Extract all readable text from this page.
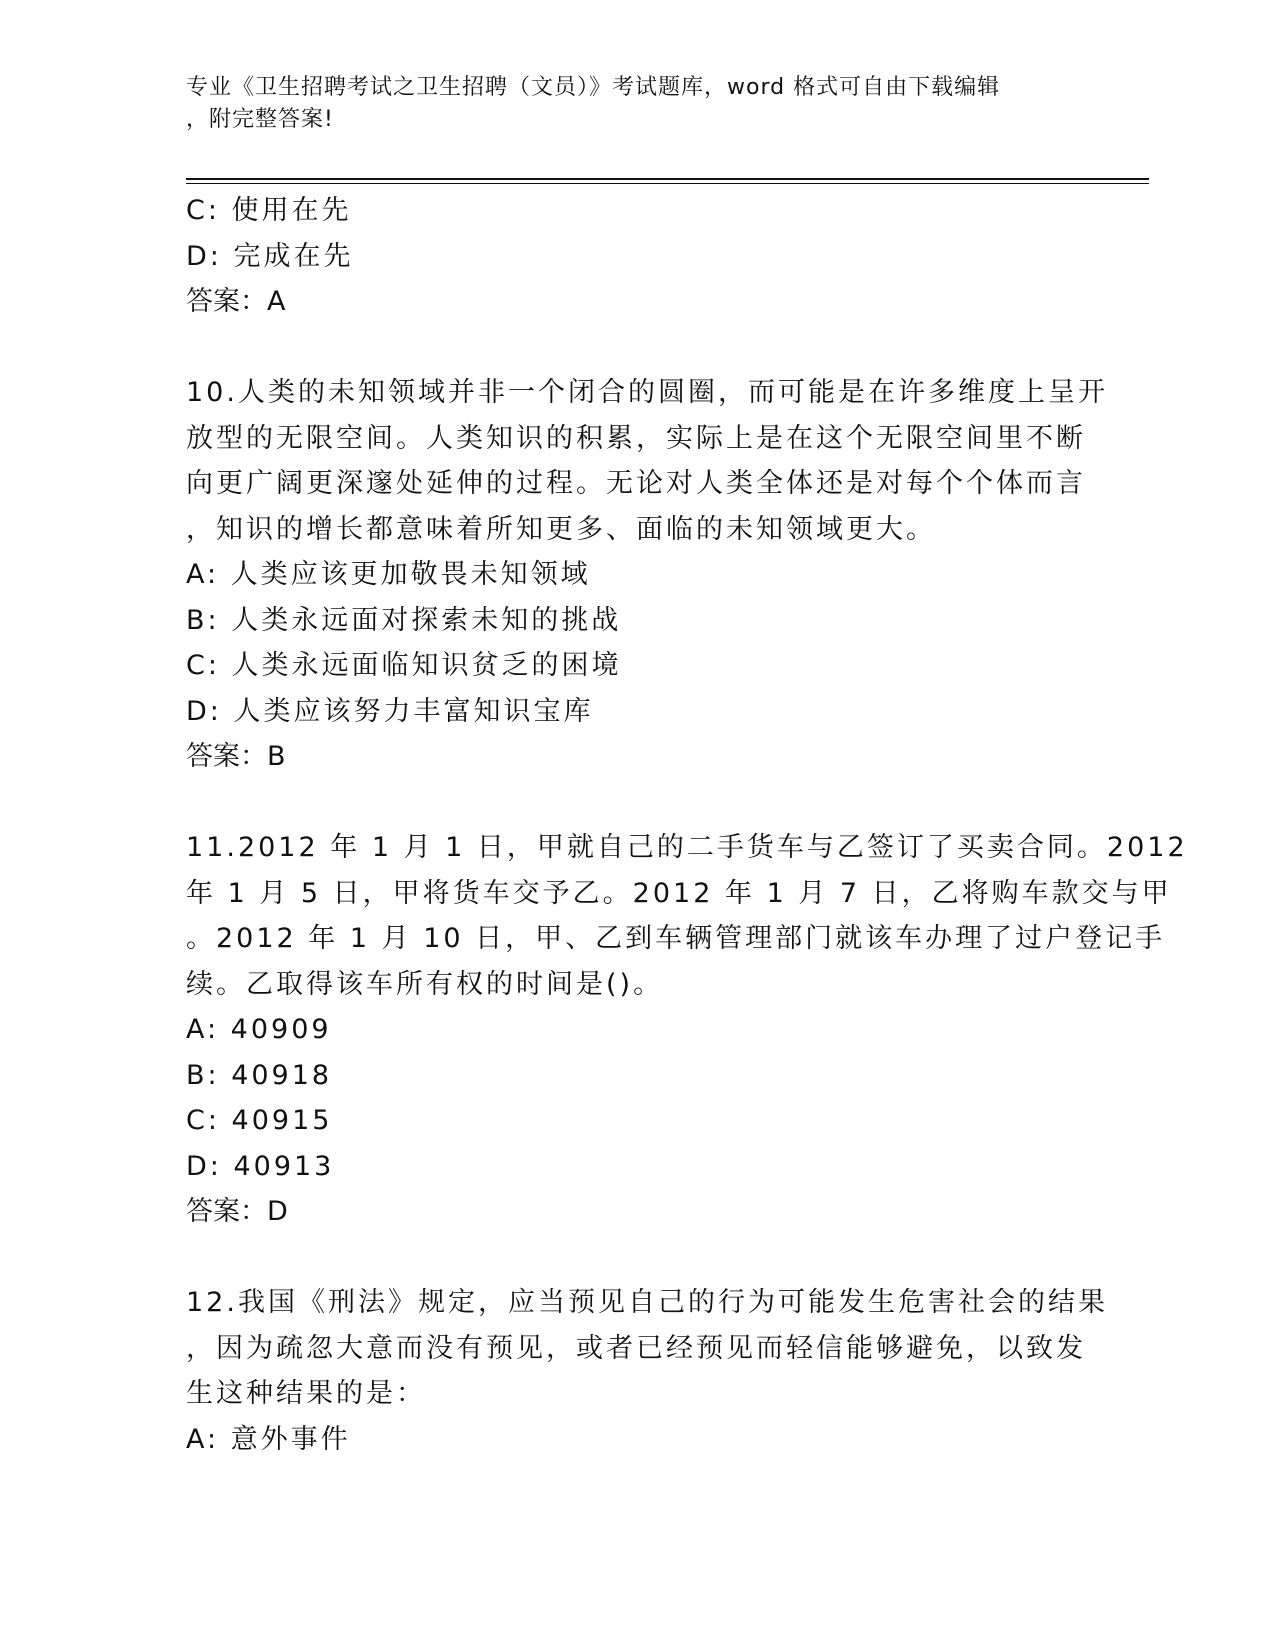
专业《卫生招聘考试之卫生招聘（文员）》考试题库，word 格式可自由下载编辑
，附完整答案!
C: 使用在先
D: 完成在先
答案：A
10.人类的未知领域并非一个闭合的圆圈，而可能是在许多维度上呈开
放型的无限空间。人类知识的积累，实际上是在这个无限空间里不断
向更广阔更深邃处延伸的过程。无论对人类全体还是对每个个体而言
，知识的增长都意味着所知更多、面临的未知领域更大。
A: 人类应该更加敬畏未知领域
B: 人类永远面对探索未知的挑战
C: 人类永远面临知识贫乏的困境
D: 人类应该努力丰富知识宝库
答案：B
11.2012 年 1 月 1 日，甲就自己的二手货车与乙签订了买卖合同。2012
年 1 月 5 日，甲将货车交予乙。2012 年 1 月 7 日，乙将购车款交与甲
。2012 年 1 月 10 日，甲、乙到车辆管理部门就该车办理了过户登记手
续。乙取得该车所有权的时间是()。
A: 40909
B: 40918
C: 40915
D: 40913
答案：D
12.我国《刑法》规定，应当预见自己的行为可能发生危害社会的结果
，因为疏忽大意而没有预见，或者已经预见而轻信能够避免，以致发
生这种结果的是：
A: 意外事件
